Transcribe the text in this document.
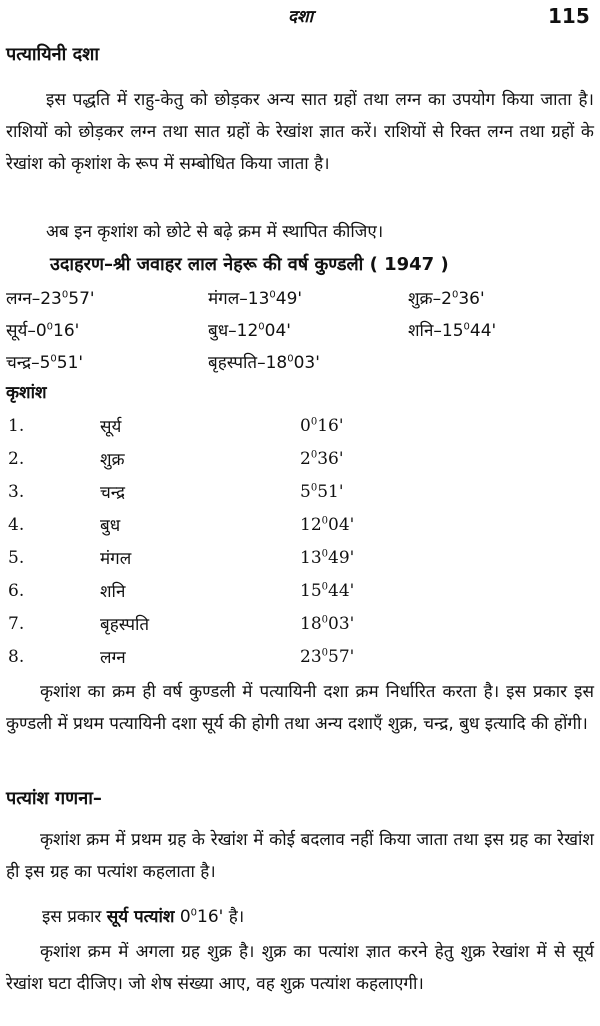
दशा	115
पत्यायिनी दशा
इस पद्धति में राहु-केतु को छोड़कर अन्य सात ग्रहों तथा लग्न का उपयोग किया जाता है। राशियों को छोड़कर लग्न तथा सात ग्रहों के रेखांश ज्ञात करें। राशियों से रिक्त लग्न तथा ग्रहों के रेखांश को कृशांश के रूप में सम्बोधित किया जाता है।
अब इन कृशांश को छोटे से बढ़े क्रम में स्थापित कीजिए।
उदाहरण–श्री जवाहर लाल नेहरू की वर्ष कुण्डली ( 1947 )
$लग्न-23^057'$	$मंगल-13^049'$	$शुक्र-2^036'$
$सूर्य-0^016'$	$बुध-12^004'$	$शनि-15^044'$
$चन्द्र-5^051'$	$बृहस्पति-18^003'$
कृशांश
1.	सूर्य	$0^016'$
2.	शुक्र	$2^036'$
3.	चन्द्र	$5^051'$
4.	बुध	$12^004'$
5.	मंगल	$13^049'$
6.	शनि	$15^044'$
7.	बृहस्पति	$18^003'$
8.	लग्न	$23^057'$
कृशांश का क्रम ही वर्ष कुण्डली में पत्यायिनी दशा क्रम निर्धारित करता है। इस प्रकार इस कुण्डली में प्रथम पत्यायिनी दशा सूर्य की होगी तथा अन्य दशाएँ शुक्र, चन्द्र, बुध इत्यादि की होंगी।
पत्यांश गणना–
कृशांश क्रम में प्रथम ग्रह के रेखांश में कोई बदलाव नहीं किया जाता तथा इस ग्रह का रेखांश ही इस ग्रह का पत्यांश कहलाता है।
इस प्रकार सूर्य पत्यांश $0^016'$ है।
कृशांश क्रम में अगला ग्रह शुक्र है। शुक्र का पत्यांश ज्ञात करने हेतु शुक्र रेखांश में से सूर्य रेखांश घटा दीजिए। जो शेष संख्या आए, वह शुक्र पत्यांश कहलाएगी।
